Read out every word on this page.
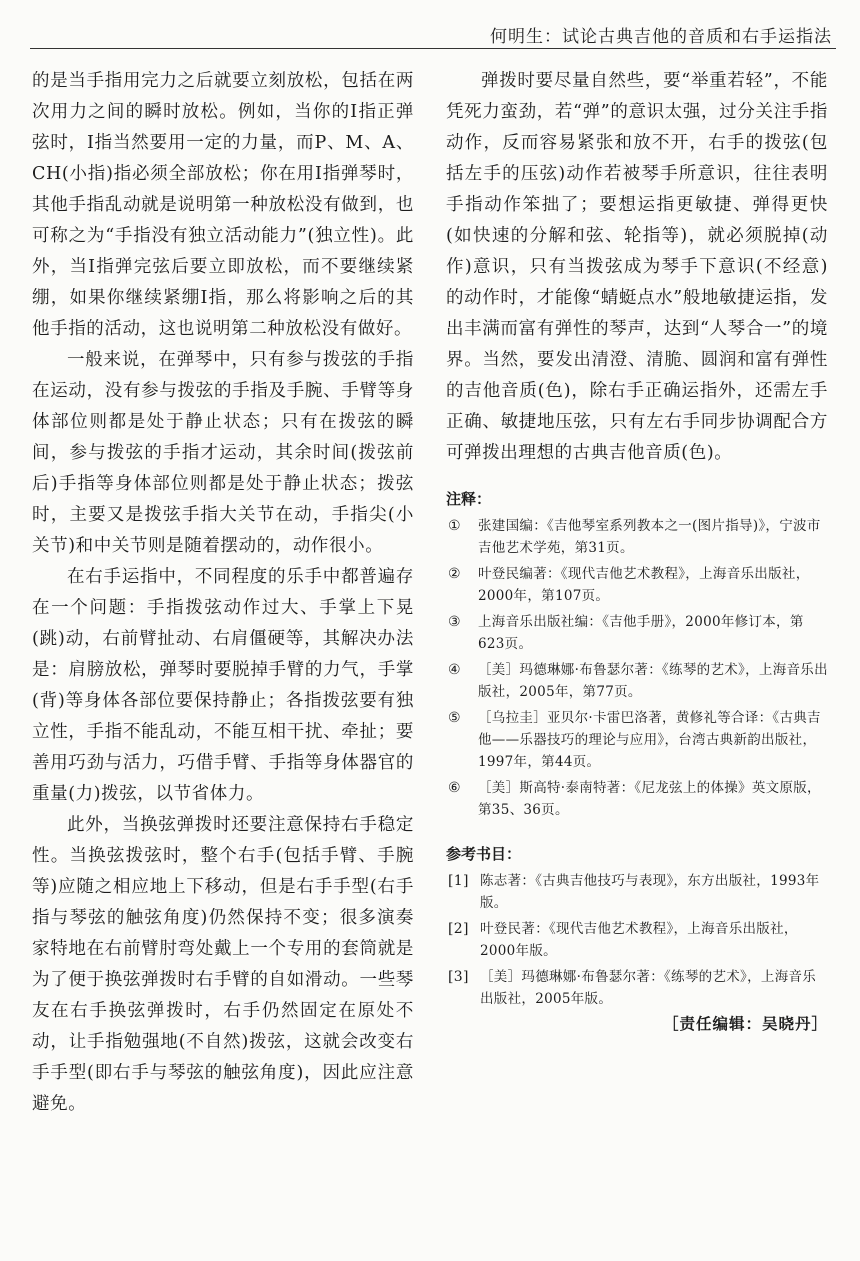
何明生：试论古典吉他的音质和右手运指法

的是当手指用完力之后就要立刻放松，包括在两次用力之间的瞬时放松。例如，当你的Ⅰ指正弹弦时，Ⅰ指当然要用一定的力量，而P、M、A、CH(小指)指必须全部放松；你在用Ⅰ指弹琴时，其他手指乱动就是说明第一种放松没有做到，也可称之为“手指没有独立活动能力”(独立性)。此外，当Ⅰ指弹完弦后要立即放松，而不要继续紧绷，如果你继续紧绷Ⅰ指，那么将影响之后的其他手指的活动，这也说明第二种放松没有做好。

一般来说，在弹琴中，只有参与拨弦的手指在运动，没有参与拨弦的手指及手腕、手臂等身体部位则都是处于静止状态；只有在拨弦的瞬间，参与拨弦的手指才运动，其余时间(拨弦前后)手指等身体部位则都是处于静止状态；拨弦时，主要又是拨弦手指大关节在动，手指尖(小关节)和中关节则是随着摆动的，动作很小。

在右手运指中，不同程度的乐手中都普遍存在一个问题：手指拨弦动作过大、手掌上下晃(跳)动，右前臂扯动、右肩僵硬等，其解决办法是：肩膀放松，弹琴时要脱掉手臂的力气，手掌(背)等身体各部位要保持静止；各指拨弦要有独立性，手指不能乱动，不能互相干扰、牵扯；要善用巧劲与活力，巧借手臂、手指等身体器官的重量(力)拨弦，以节省体力。

此外，当换弦弹拨时还要注意保持右手稳定性。当换弦拨弦时，整个右手(包括手臂、手腕等)应随之相应地上下移动，但是右手手型(右手指与琴弦的触弦角度)仍然保持不变；很多演奏家特地在右前臂肘弯处戴上一个专用的套筒就是为了便于换弦弹拨时右手臂的自如滑动。一些琴友在右手换弦弹拨时，右手仍然固定在原处不动，让手指勉强地(不自然)拨弦，这就会改变右手手型(即右手与琴弦的触弦角度)，因此应注意避免。

弹拨时要尽量自然些，要“举重若轻”，不能凭死力蛮劲，若“弹”的意识太强，过分关注手指动作，反而容易紧张和放不开，右手的拨弦(包括左手的压弦)动作若被琴手所意识，往往表明手指动作笨拙了；要想运指更敏捷、弹得更快(如快速的分解和弦、轮指等)，就必须脱掉(动作)意识，只有当拨弦成为琴手下意识(不经意)的动作时，才能像“蜻蜓点水”般地敏捷运指，发出丰满而富有弹性的琴声，达到“人琴合一”的境界。当然，要发出清澄、清脆、圆润和富有弹性的吉他音质(色)，除右手正确运指外，还需左手正确、敏捷地压弦，只有左右手同步协调配合方可弹拨出理想的古典吉他音质(色)。

注释：
① 张建国编：《吉他琴室系列教本之一(图片指导)》，宁波市吉他艺术学苑，第31页。
② 叶登民编著：《现代吉他艺术教程》，上海音乐出版社，2000年，第107页。
③ 上海音乐出版社编：《吉他手册》，2000年修订本，第623页。
④ ［美］玛德琳娜·布鲁瑟尔著：《练琴的艺术》，上海音乐出版社，2005年，第77页。
⑤ ［乌拉圭］亚贝尔·卡雷巴洛著，黄修礼等合译：《古典吉他——乐器技巧的理论与应用》，台湾古典新韵出版社，1997年，第44页。
⑥ ［美］斯高特·泰南特著：《尼龙弦上的体操》英文原版，第35、36页。
参考书目：
[1] 陈志著：《古典吉他技巧与表现》，东方出版社，1993年版。
[2] 叶登民著：《现代吉他艺术教程》，上海音乐出版社，2000年版。
[3] ［美］玛德琳娜·布鲁瑟尔著：《练琴的艺术》，上海音乐出版社，2005年版。
［责任编辑：吴晓丹］
